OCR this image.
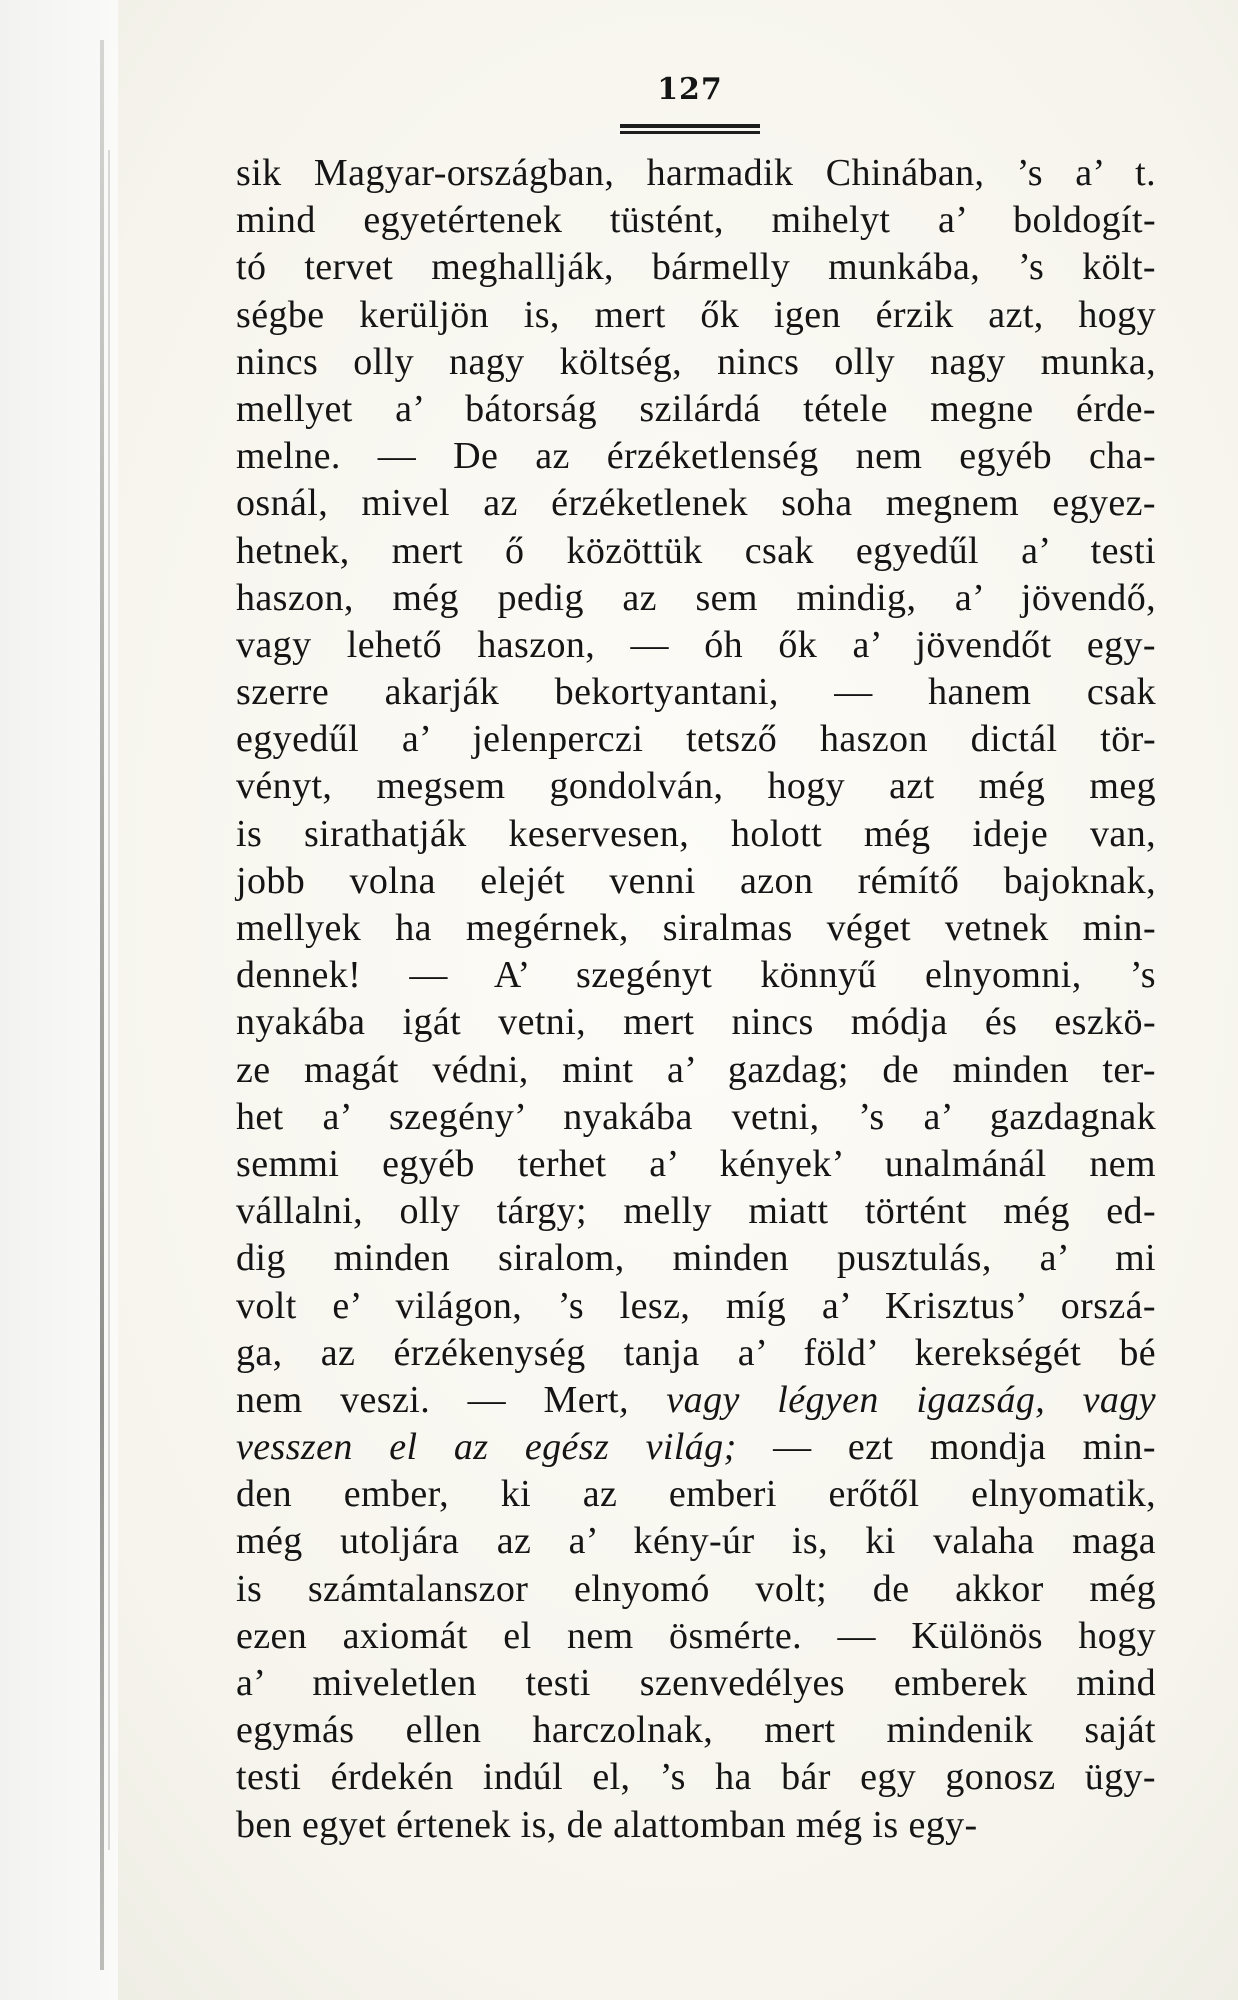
127
sik Magyar-országban, harmadik Chinában, ’s a’ t.
mind egyetértenek tüstént, mihelyt a’ boldogít-
tó tervet meghallják, bármelly munkába, ’s költ-
ségbe kerüljön is, mert ők igen érzik azt, hogy
nincs olly nagy költség, nincs olly nagy munka,
mellyet a’ bátorság szilárdá tétele megne érde-
melne. — De az érzéketlenség nem egyéb cha-
osnál, mivel az érzéketlenek soha megnem egyez-
hetnek, mert ő közöttük csak egyedűl a’ testi
haszon, még pedig az sem mindig, a’ jövendő,
vagy lehető haszon, — óh ők a’ jövendőt egy-
szerre akarják bekortyantani, — hanem csak
egyedűl a’ jelenperczi tetsző haszon dictál tör-
vényt, megsem gondolván, hogy azt még meg
is sirathatják keservesen, holott még ideje van,
jobb volna elejét venni azon rémítő bajoknak,
mellyek ha megérnek, siralmas véget vetnek min-
dennek! — A’ szegényt könnyű elnyomni, ’s
nyakába igát vetni, mert nincs módja és eszkö-
ze magát védni, mint a’ gazdag; de minden ter-
het a’ szegény’ nyakába vetni, ’s a’ gazdagnak
semmi egyéb terhet a’ kények’ unalmánál nem
vállalni, olly tárgy; melly miatt történt még ed-
dig minden siralom, minden pusztulás, a’ mi
volt e’ világon, ’s lesz, míg a’ Krisztus’ orszá-
ga, az érzékenység tanja a’ föld’ kerekségét bé
nem veszi. — Mert, vagy légyen igazság, vagy
vesszen el az egész világ; — ezt mondja min-
den ember, ki az emberi erőtől elnyomatik,
még utoljára az a’ kény-úr is, ki valaha maga
is számtalanszor elnyomó volt; de akkor még
ezen axiomát el nem ösmérte. — Különös hogy
a’ miveletlen testi szenvedélyes emberek mind
egymás ellen harczolnak, mert mindenik saját
testi érdekén indúl el, ’s ha bár egy gonosz ügy-
ben egyet értenek is, de alattomban még is egy-
